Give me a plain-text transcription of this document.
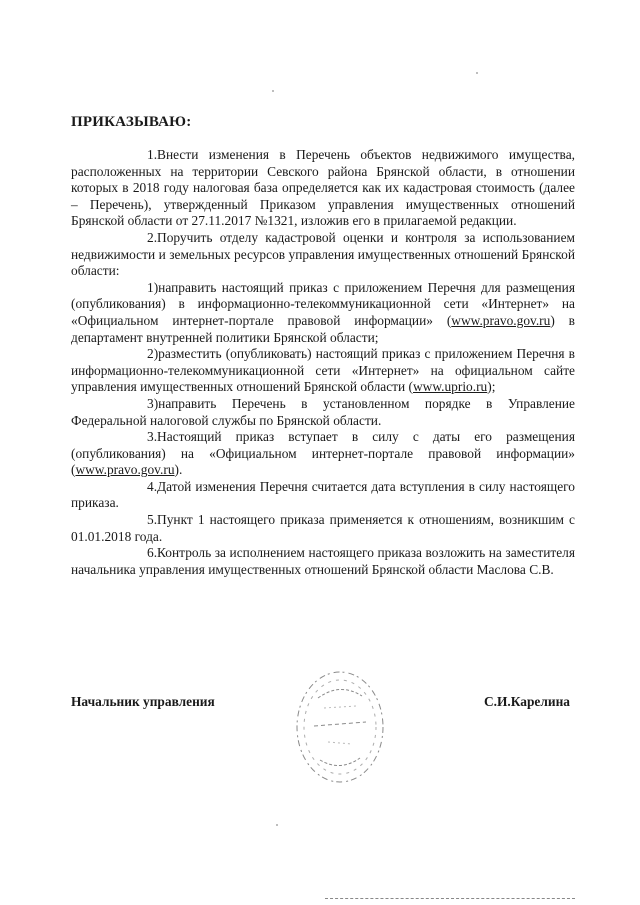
ПРИКАЗЫВАЮ:

1.Внести изменения в Перечень объектов недвижимого имущества, расположенных на территории Севского района Брянской области, в отношении которых в 2018 году налоговая база определяется как их кадастровая стоимость (далее – Перечень), утвержденный Приказом управления имущественных отношений Брянской области от 27.11.2017 №1321, изложив его в прилагаемой редакции.

2.Поручить отделу кадастровой оценки и контроля за использованием недвижимости и земельных ресурсов управления имущественных отношений Брянской области:

1)направить настоящий приказ с приложением Перечня для размещения (опубликования) в информационно-телекоммуникационной сети «Интернет» на «Официальном интернет-портале правовой информации» (www.pravo.gov.ru) в департамент внутренней политики Брянской области;

2)разместить (опубликовать) настоящий приказ с приложением Перечня в информационно-телекоммуникационной сети «Интернет» на официальном сайте управления имущественных отношений Брянской области (www.uprio.ru);

3)направить Перечень в установленном порядке в Управление Федеральной налоговой службы по Брянской области.

3.Настоящий приказ вступает в силу с даты его размещения (опубликования) на «Официальном интернет-портале правовой информации» (www.pravo.gov.ru).

4.Датой изменения Перечня считается дата вступления в силу настоящего приказа.

5.Пункт 1 настоящего приказа применяется к отношениям, возникшим с 01.01.2018 года.

6.Контроль за исполнением настоящего приказа возложить на заместителя начальника управления имущественных отношений Брянской области Маслова С.В.

Начальник управления	С.И.Карелина
